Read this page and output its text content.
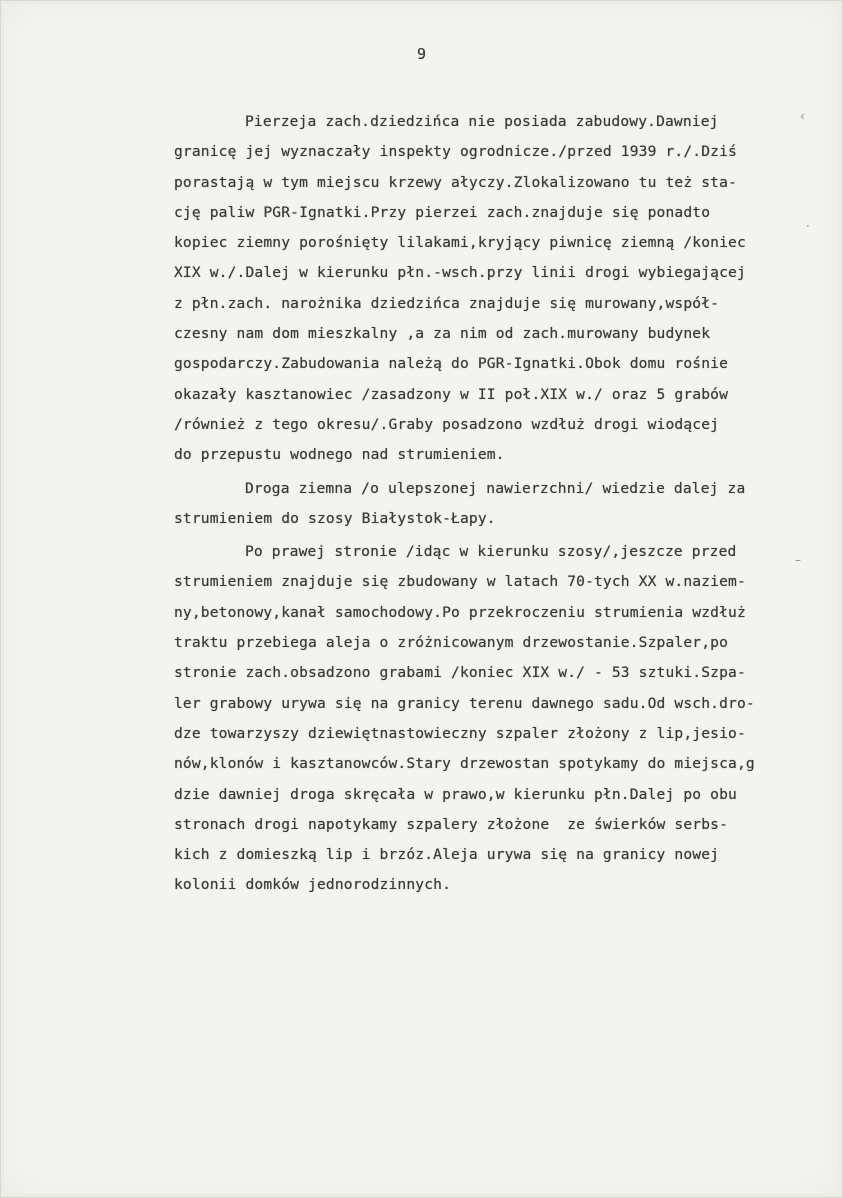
9
‹
·
–
Pierzeja zach.dziedzińca nie posiada zabudowy.Dawniej
granicę jej wyznaczały inspekty ogrodnicze./przed 1939 r./.Dziś
porastają w tym miejscu krzewy ałyczy.Zlokalizowano tu też sta-
cję paliw PGR-Ignatki.Przy pierzei zach.znajduje się ponadto
kopiec ziemny porośnięty lilakami,kryjący piwnicę ziemną /koniec
XIX w./.Dalej w kierunku płn.-wsch.przy linii drogi wybiegającej
z płn.zach. narożnika dziedzińca znajduje się murowany,współ-
czesny nam dom mieszkalny ,a za nim od zach.murowany budynek
gospodarczy.Zabudowania należą do PGR-Ignatki.Obok domu rośnie
okazały kasztanowiec /zasadzony w II poł.XIX w./ oraz 5 grabów
/również z tego okresu/.Graby posadzono wzdłuż drogi wiodącej
do przepustu wodnego nad strumieniem.
Droga ziemna /o ulepszonej nawierzchni/ wiedzie dalej za
strumieniem do szosy Białystok-Łapy.
Po prawej stronie /idąc w kierunku szosy/,jeszcze przed
strumieniem znajduje się zbudowany w latach 70-tych XX w.naziem-
ny,betonowy,kanał samochodowy.Po przekroczeniu strumienia wzdłuż
traktu przebiega aleja o zróżnicowanym drzewostanie.Szpaler,po
stronie zach.obsadzono grabami /koniec XIX w./ - 53 sztuki.Szpa-
ler grabowy urywa się na granicy terenu dawnego sadu.Od wsch.dro-
dze towarzyszy dziewiętnastowieczny szpaler złożony z lip,jesio-
nów,klonów i kasztanowców.Stary drzewostan spotykamy do miejsca,g
dzie dawniej droga skręcała w prawo,w kierunku płn.Dalej po obu
stronach drogi napotykamy szpalery złożone  ze świerków serbs-
kich z domieszką lip i brzóz.Aleja urywa się na granicy nowej
kolonii domków jednorodzinnych.
